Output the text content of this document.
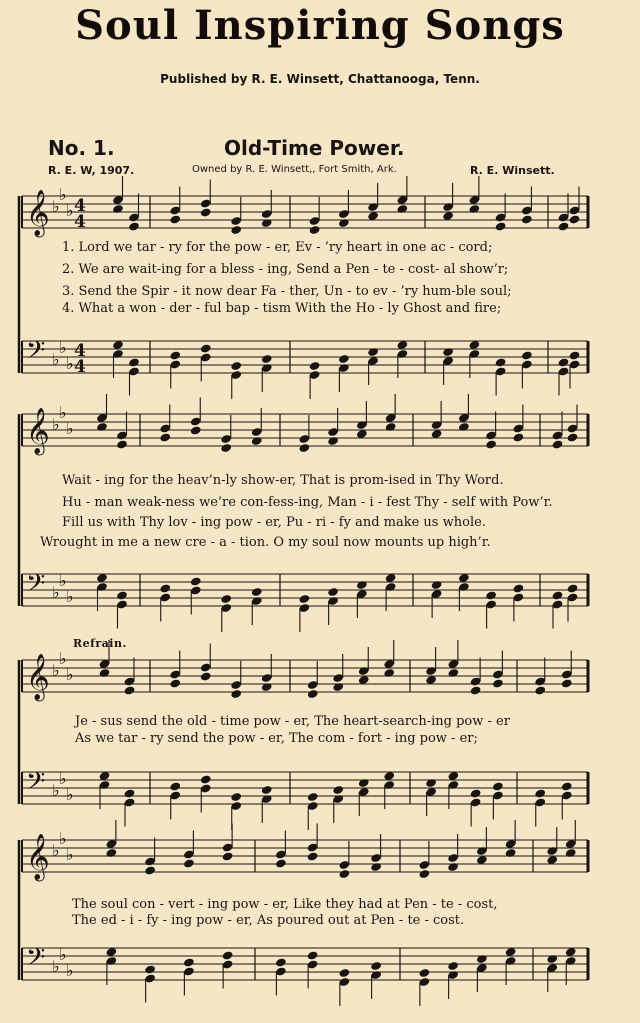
Soul Inspiring Songs
Published by R. E. Winsett, Chattanooga, Tenn.
No. 1.	Old-Time Power.
R. E. W, 1907.	Owned by R. E. Winsett,, Fort Smith, Ark.	R. E. Winsett.
𝄞 ♭
♭
♭ 4
4
𝄢 ♭
♭
♭
4
4
𝄞 ♭
♭
♭
𝄢 ♭
♭
♭
𝄞 ♭
♭
♭
𝄢 ♭
♭
♭
𝄞 ♭
♭
♭
𝄢 ♭
♭
♭
1. Lord we tar - ry for the pow - er, Ev - ’ry heart in one ac - cord;
2. We are wait-ing for a bless - ing, Send a Pen - te - cost- al show’r;
3. Send the Spir - it now dear Fa - ther, Un - to ev - ’ry hum-ble soul;
4. What a won - der - ful bap - tism With the Ho - ly Ghost and fire;
Wait - ing for the heav’n-ly show-er, That is prom-ised in Thy Word.
Hu - man weak-ness we’re con-fess-ing, Man - i - fest Thy - self with Pow’r.
Fill us with Thy lov - ing pow - er, Pu - ri - fy and make us whole.
Wrought in me a new cre - a - tion. O my soul now mounts up high’r.
Refrain.
Je - sus send the old - time pow - er, The heart-search-ing pow - er
As we tar - ry send the pow - er, The com - fort - ing pow - er;
The soul con - vert - ing pow - er, Like they had at Pen - te - cost,
The ed - i - fy - ing pow - er, As poured out at Pen - te - cost.
